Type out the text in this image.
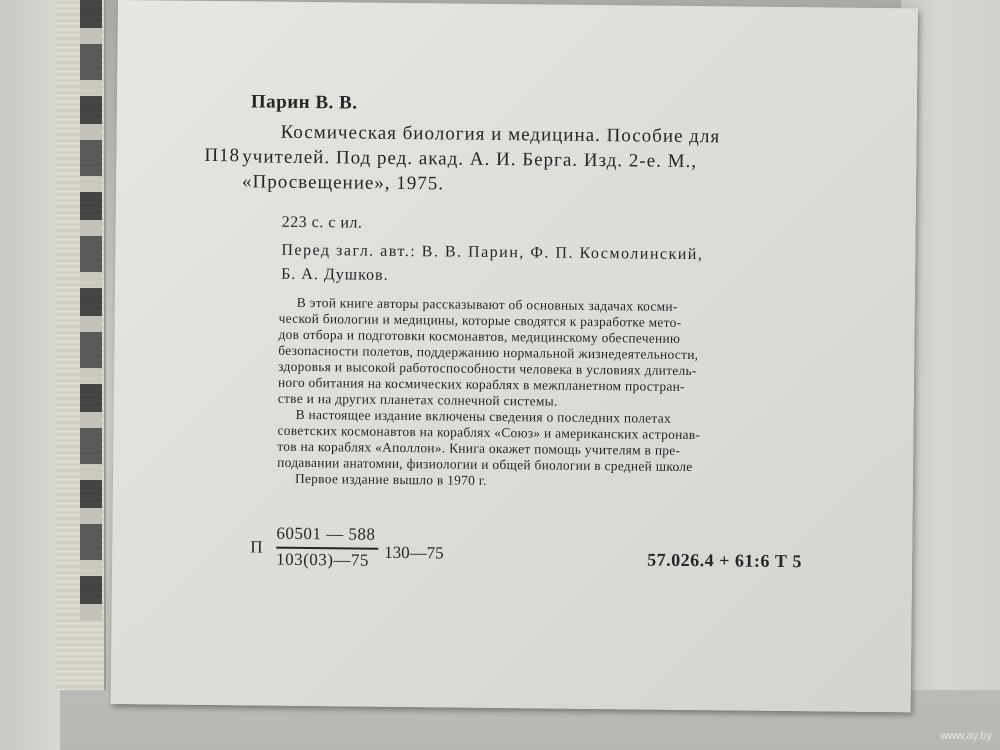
Парин В. В.
П18
Космическая биология и медицина. Пособие для
учителей. Под ред. акад. А. И. Берга. Изд. 2-е. М.,
«Просвещение», 1975.
223 с. с ил.
Перед загл. авт.: В. В. Парин, Ф. П. Космолинский,
Б. А. Душков.
В этой книге авторы рассказывают об основных задачах косми-
ческой биологии и медицины, которые сводятся к разработке мето-
дов отбора и подготовки космонавтов, медицинскому обеспечению
безопасности полетов, поддержанию нормальной жизнедеятельности,
здоровья и высокой работоспособности человека в условиях длитель-
ного обитания на космических кораблях в межпланетном простран-
стве и на других планетах солнечной системы.
В настоящее издание включены сведения о последних полетах
советских космонавтов на кораблях «Союз» и американских астронав-
тов на кораблях «Аполлон». Книга окажет помощь учителям в пре-
подавании анатомии, физиологии и общей биологии в средней школе
Первое издание вышло в 1970 г.
П
60501 — 588
103(03)—75 130—75	57.026.4 + 61:6 Т 5
www.ay.by
